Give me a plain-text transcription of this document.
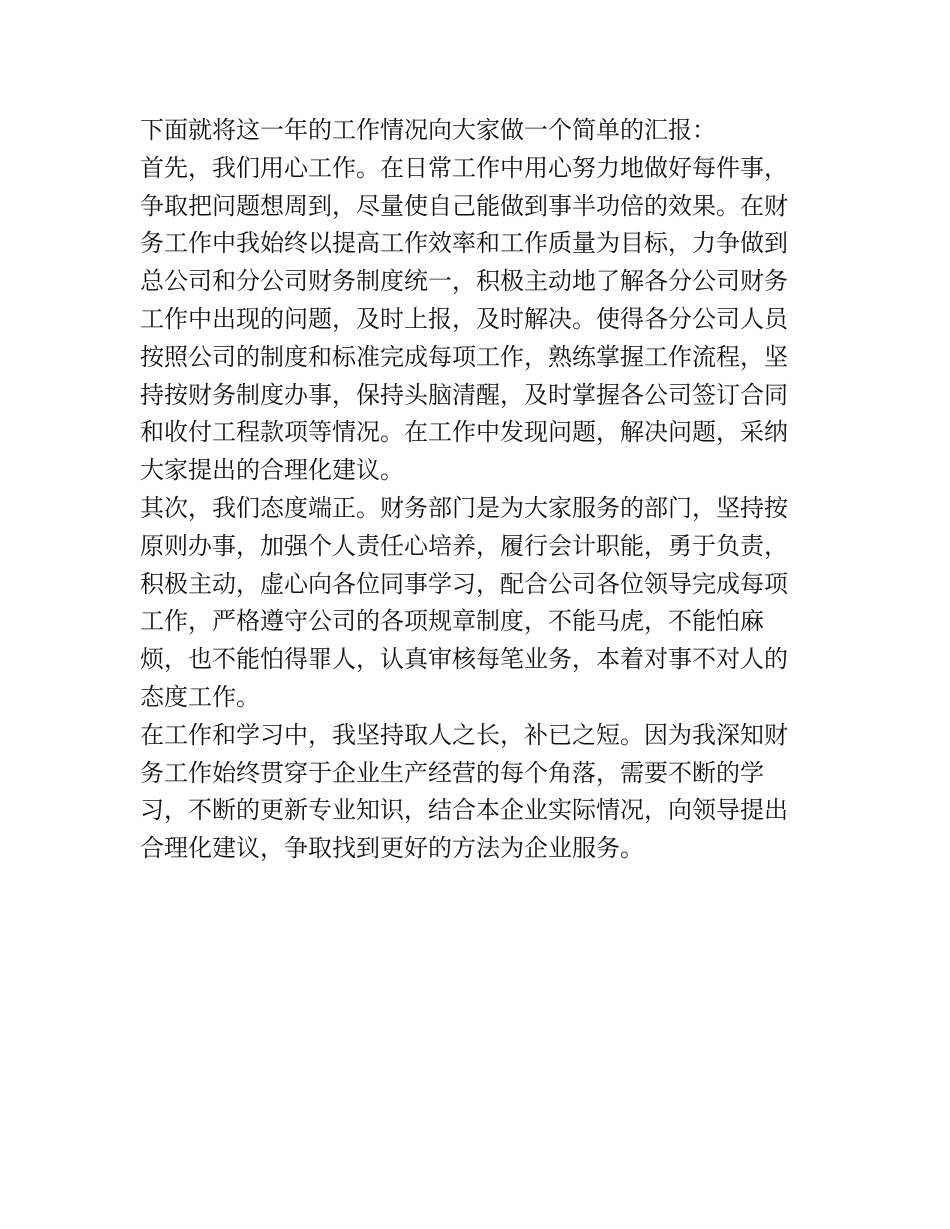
下面就将这一年的工作情况向大家做一个简单的汇报：
首先，我们用心工作。在日常工作中用心努力地做好每件事，
争取把问题想周到，尽量使自己能做到事半功倍的效果。在财
务工作中我始终以提高工作效率和工作质量为目标，力争做到
总公司和分公司财务制度统一，积极主动地了解各分公司财务
工作中出现的问题，及时上报，及时解决。使得各分公司人员
按照公司的制度和标准完成每项工作，熟练掌握工作流程，坚
持按财务制度办事，保持头脑清醒，及时掌握各公司签订合同
和收付工程款项等情况。在工作中发现问题，解决问题，采纳
大家提出的合理化建议。
其次，我们态度端正。财务部门是为大家服务的部门，坚持按
原则办事，加强个人责任心培养，履行会计职能，勇于负责，
积极主动，虚心向各位同事学习，配合公司各位领导完成每项
工作，严格遵守公司的各项规章制度，不能马虎，不能怕麻
烦，也不能怕得罪人，认真审核每笔业务，本着对事不对人的
态度工作。
在工作和学习中，我坚持取人之长，补已之短。因为我深知财
务工作始终贯穿于企业生产经营的每个角落，需要不断的学
习，不断的更新专业知识，结合本企业实际情况，向领导提出
合理化建议，争取找到更好的方法为企业服务。
